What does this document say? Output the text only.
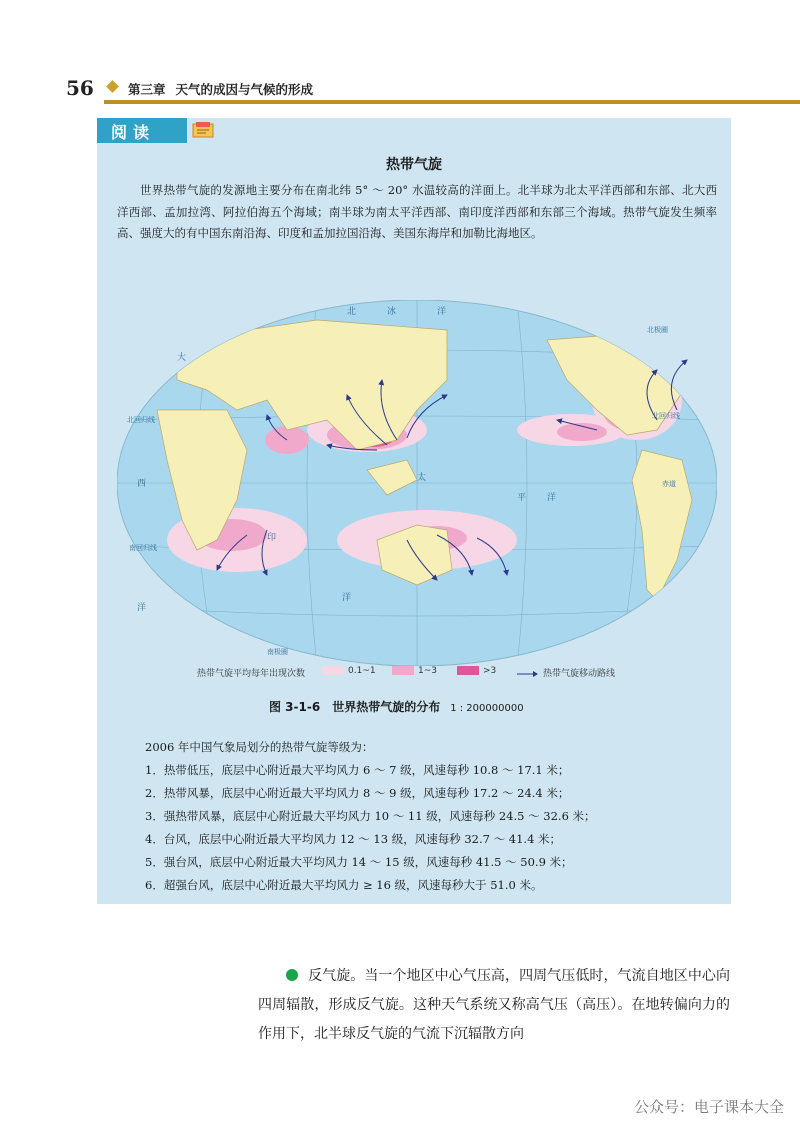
56	第三章 天气的成因与气候的形成
阅读
热带气旋
世界热带气旋的发源地主要分布在南北纬 5° ～ 20° 水温较高的洋面上。北半球为北太平洋西部和东部、北大西洋西部、孟加拉湾、阿拉伯海五个海域；南半球为南太平洋西部、南印度洋西部和东部三个海域。热带气旋发生频率高、强度大的有中国东南沿海、印度和孟加拉国沿海、美国东海岸和加勒比海地区。
北	冰	洋
北极圈
北回归线
北回归线
赤道
西
大
太
印
洋
洋
平 洋
南回归线
南极圈
热带气旋平均每年出现次数	0.1~1	1~3	>3	热带气旋移动路线
图 3-1-6　世界热带气旋的分布 1 : 200000000
2006 年中国气象局划分的热带气旋等级为：
1．热带低压，底层中心附近最大平均风力 6 ～ 7 级，风速每秒 10.8 ～ 17.1 米；
2．热带风暴，底层中心附近最大平均风力 8 ～ 9 级，风速每秒 17.2 ～ 24.4 米；
3．强热带风暴，底层中心附近最大平均风力 10 ～ 11 级，风速每秒 24.5 ～ 32.6 米；
4．台风，底层中心附近最大平均风力 12 ～ 13 级，风速每秒 32.7 ～ 41.4 米；
5．强台风，底层中心附近最大平均风力 14 ～ 15 级，风速每秒 41.5 ～ 50.9 米；
6．超强台风，底层中心附近最大平均风力 ≥ 16 级，风速每秒大于 51.0 米。
反气旋。当一个地区中心气压高，四周气压低时，气流自地区中心向四周辐散，形成反气旋。这种天气系统又称高气压（高压）。在地转偏向力的作用下，北半球反气旋的气流下沉辐散方向
公众号：电子课本大全
